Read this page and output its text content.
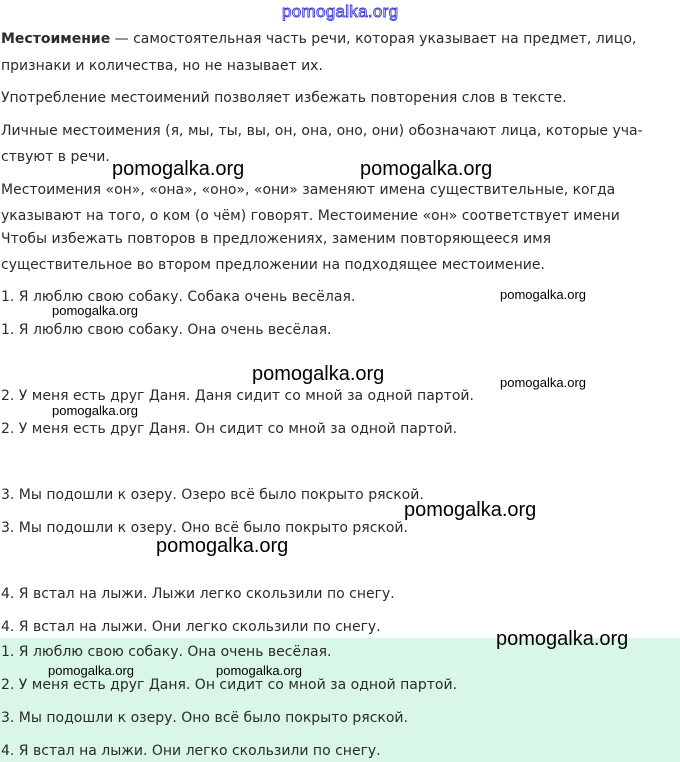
pomogalka.org
Местоимение — самостоятельная часть речи, которая указывает на предмет, лицо,
признаки и количества, но не называет их.
Употребление местоимений позволяет избежать повторения слов в тексте.
Личные местоимения (я, мы, ты, вы, он, она, оно, они) обозначают лица, которые уча-
ствуют в речи.
Местоимения «он», «она», «оно», «они» заменяют имена существительные, когда
указывают на того, о ком (о чём) говорят. Местоимение «он» соответствует имени
Чтобы избежать повторов в предложениях, заменим повторяющееся имя
существительное во втором предложении на подходящее местоимение.
1. Я люблю свою собаку. Собака очень весёлая.
1. Я люблю свою собаку. Она очень весёлая.
2. У меня есть друг Даня. Даня сидит со мной за одной партой.
2. У меня есть друг Даня. Он сидит со мной за одной партой.
3. Мы подошли к озеру. Озеро всё было покрыто ряской.
3. Мы подошли к озеру. Оно всё было покрыто ряской.
4. Я встал на лыжи. Лыжи легко скользили по снегу.
4. Я встал на лыжи. Они легко скользили по снегу.
1. Я люблю свою собаку. Она очень весёлая.
2. У меня есть друг Даня. Он сидит со мной за одной партой.
3. Мы подошли к озеру. Оно всё было покрыто ряской.
4. Я встал на лыжи. Они легко скользили по снегу.
pomogalka.org	pomogalka.org
pomogalka.org
pomogalka.org
pomogalka.org	pomogalka.org
pomogalka.org
pomogalka.org
pomogalka.org
pomogalka.org
pomogalka.org	pomogalka.org
